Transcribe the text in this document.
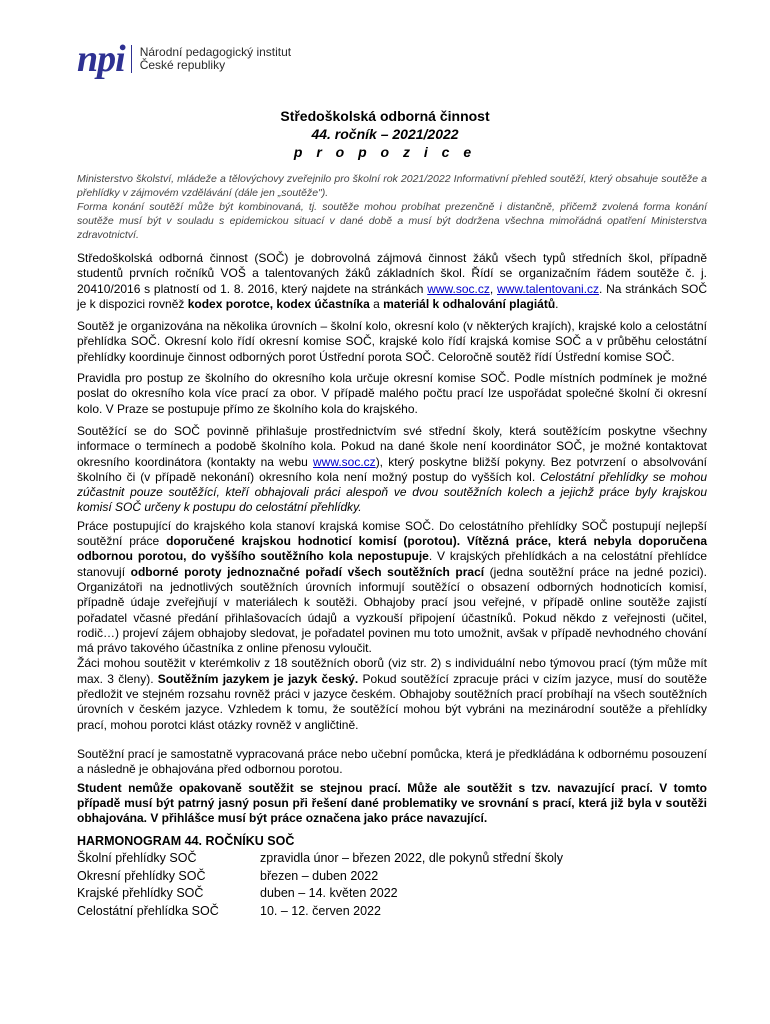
npi Národní pedagogický institut
České republiky
Středoškolská odborná činnost
44. ročník – 2021/2022
p r o p o z i c e

Ministerstvo školství, mládeže a tělovýchovy zveřejnilo pro školní rok 2021/2022 Informativní přehled soutěží, který obsahuje soutěže a přehlídky v zájmovém vzdělávání (dále jen „soutěže").

Forma konání soutěží může být kombinovaná, tj. soutěže mohou probíhat prezenčně i distančně, přičemž zvolená forma konání soutěže musí být v souladu s epidemickou situací v dané době a musí být dodržena všechna mimořádná opatření Ministerstva zdravotnictví.

Středoškolská odborná činnost (SOČ) je dobrovolná zájmová činnost žáků všech typů středních škol, případně studentů prvních ročníků VOŠ a talentovaných žáků základních škol. Řídí se organizačním řádem soutěže č. j. 20410/2016 s platností od 1. 8. 2016, který najdete na stránkách www.soc.cz, www.talentovani.cz. Na stránkách SOČ je k dispozici rovněž kodex porotce, kodex účastníka a materiál k odhalování plagiátů.

Soutěž je organizována na několika úrovních – školní kolo, okresní kolo (v některých krajích), krajské kolo a celostátní přehlídka SOČ. Okresní kolo řídí okresní komise SOČ, krajské kolo řídí krajská komise SOČ a v průběhu celostátní přehlídky koordinuje činnost odborných porot Ústřední porota SOČ. Celoročně soutěž řídí Ústřední komise SOČ.

Pravidla pro postup ze školního do okresního kola určuje okresní komise SOČ. Podle místních podmínek je možné poslat do okresního kola více prací za obor. V případě malého počtu prací lze uspořádat společné školní či okresní kolo. V Praze se postupuje přímo ze školního kola do krajského.

Soutěžící se do SOČ povinně přihlašuje prostřednictvím své střední školy, která soutěžícím poskytne všechny informace o termínech a podobě školního kola. Pokud na dané škole není koordinátor SOČ, je možné kontaktovat okresního koordinátora (kontakty na webu www.soc.cz), který poskytne bližší pokyny. Bez potvrzení o absolvování školního či (v případě nekonání) okresního kola není možný postup do vyšších kol. Celostátní přehlídky se mohou zúčastnit pouze soutěžící, kteří obhajovali práci alespoň ve dvou soutěžních kolech a jejichž práce byly krajskou komisí SOČ určeny k postupu do celostátní přehlídky.

Práce postupující do krajského kola stanoví krajská komise SOČ. Do celostátního přehlídky SOČ postupují nejlepší soutěžní práce doporučené krajskou hodnoticí komisí (porotou). Vítězná práce, která nebyla doporučena odbornou porotou, do vyššího soutěžního kola nepostupuje. V krajských přehlídkách a na celostátní přehlídce stanovují odborné poroty jednoznačné pořadí všech soutěžních prací (jedna soutěžní práce na jedné pozici). Organizátoři na jednotlivých soutěžních úrovních informují soutěžící o obsazení odborných hodnoticích komisí, případně údaje zveřejňují v materiálech k soutěži. Obhajoby prací jsou veřejné, v případě online soutěže zajistí pořadatel včasné předání přihlašovacích údajů a vyzkouší připojení účastníků. Pokud někdo z veřejnosti (učitel, rodič…) projeví zájem obhajoby sledovat, je pořadatel povinen mu toto umožnit, avšak v případě nevhodného chování má právo takového účastníka z online přenosu vyloučit.

Žáci mohou soutěžit v kterémkoliv z 18 soutěžních oborů (viz str. 2) s individuální nebo týmovou prací (tým může mít max. 3 členy). Soutěžním jazykem je jazyk český. Pokud soutěžící zpracuje práci v cizím jazyce, musí do soutěže předložit ve stejném rozsahu rovněž práci v jazyce českém. Obhajoby soutěžních prací probíhají na všech soutěžních úrovních v českém jazyce. Vzhledem k tomu, že soutěžící mohou být vybráni na mezinárodní soutěže a přehlídky prací, mohou porotci klást otázky rovněž v angličtině.

Soutěžní prací je samostatně vypracovaná práce nebo učební pomůcka, která je předkládána k odbornému posouzení a následně je obhajována před odbornou porotou.

Student nemůže opakovaně soutěžit se stejnou prací. Může ale soutěžit s tzv. navazující prací. V tomto případě musí být patrný jasný posun při řešení dané problematiky ve srovnání s prací, která již byla v soutěži obhajována. V přihlášce musí být práce označena jako práce navazující.

HARMONOGRAM 44. ROČNÍKU SOČ
Školní přehlídky SOČ	zpravidla únor – březen 2022, dle pokynů střední školy
Okresní přehlídky SOČ	březen – duben 2022
Krajské přehlídky SOČ	duben – 14. květen 2022
Celostátní přehlídka SOČ	10. – 12. červen 2022
